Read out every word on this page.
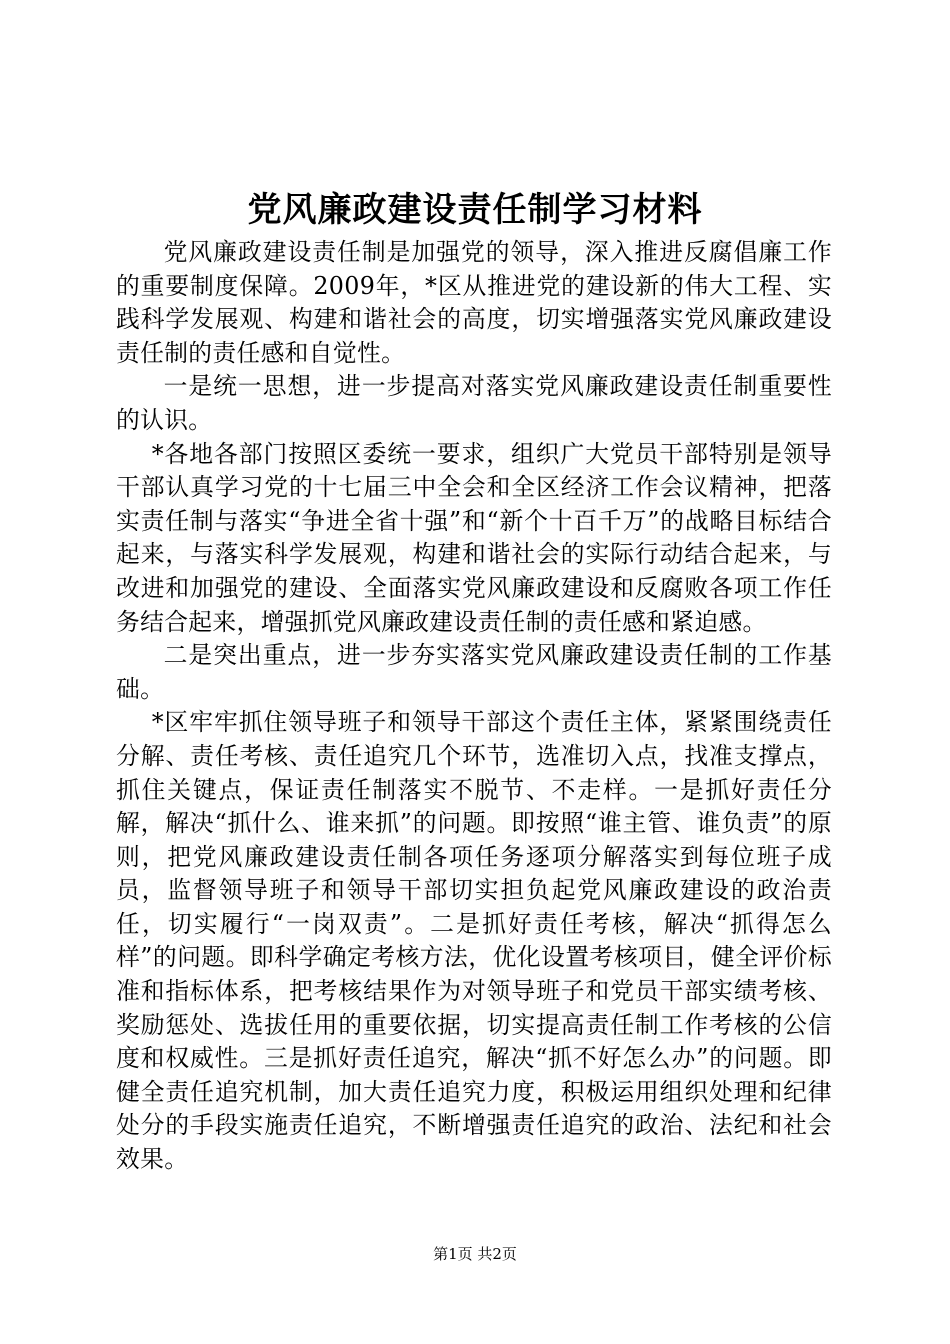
党风廉政建设责任制学习材料

党风廉政建设责任制是加强党的领导，深入推进反腐倡廉工作的重要制度保障。2009年，*区从推进党的建设新的伟大工程、实践科学发展观、构建和谐社会的高度，切实增强落实党风廉政建设责任制的责任感和自觉性。

一是统一思想，进一步提高对落实党风廉政建设责任制重要性的认识。

*各地各部门按照区委统一要求，组织广大党员干部特别是领导干部认真学习党的十七届三中全会和全区经济工作会议精神，把落实责任制与落实“争进全省十强”和“新个十百千万”的战略目标结合起来，与落实科学发展观，构建和谐社会的实际行动结合起来，与改进和加强党的建设、全面落实党风廉政建设和反腐败各项工作任务结合起来，增强抓党风廉政建设责任制的责任感和紧迫感。

二是突出重点，进一步夯实落实党风廉政建设责任制的工作基础。

*区牢牢抓住领导班子和领导干部这个责任主体，紧紧围绕责任分解、责任考核、责任追究几个环节，选准切入点，找准支撑点，抓住关键点，保证责任制落实不脱节、不走样。一是抓好责任分解，解决“抓什么、谁来抓”的问题。即按照“谁主管、谁负责”的原则，把党风廉政建设责任制各项任务逐项分解落实到每位班子成员，监督领导班子和领导干部切实担负起党风廉政建设的政治责任，切实履行“一岗双责”。二是抓好责任考核，解决“抓得怎么样”的问题。即科学确定考核方法，优化设置考核项目，健全评价标准和指标体系，把考核结果作为对领导班子和党员干部实绩考核、奖励惩处、选拔任用的重要依据，切实提高责任制工作考核的公信度和权威性。三是抓好责任追究，解决“抓不好怎么办”的问题。即健全责任追究机制，加大责任追究力度，积极运用组织处理和纪律处分的手段实施责任追究，不断增强责任追究的政治、法纪和社会效果。

第1页 共2页
